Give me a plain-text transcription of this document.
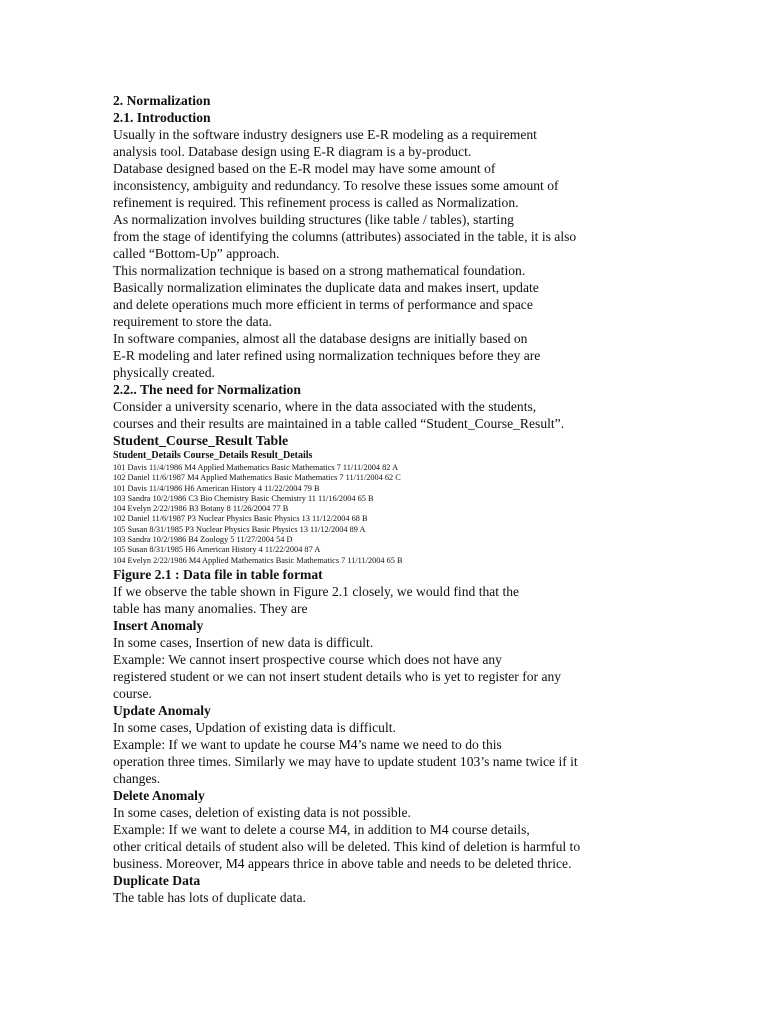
2. Normalization
2.1. Introduction
Usually in the software industry designers use E-R modeling as a requirement
analysis tool. Database design using E-R diagram is a by-product.
Database designed based on the E-R model may have some amount of
inconsistency, ambiguity and redundancy. To resolve these issues some amount of
refinement is required. This refinement process is called as Normalization.
As normalization involves building structures (like table / tables), starting
from the stage of identifying the columns (attributes) associated in the table, it is also
called “Bottom-Up” approach.
This normalization technique is based on a strong mathematical foundation.
Basically normalization eliminates the duplicate data and makes insert, update
and delete operations much more efficient in terms of performance and space
requirement to store the data.
In software companies, almost all the database designs are initially based on
E-R modeling and later refined using normalization techniques before they are
physically created.
2.2.. The need for Normalization
Consider a university scenario, where in the data associated with the students,
courses and their results are maintained in a table called “Student_Course_Result”.
Student_Course_Result Table
Student_Details Course_Details Result_Details
101 Davis 11/4/1986 M4 Applied Mathematics Basic Mathematics 7 11/11/2004 82 A
102 Daniel 11/6/1987 M4 Applied Mathematics Basic Mathematics 7 11/11/2004 62 C
101 Davis 11/4/1986 H6 American History 4 11/22/2004 79 B
103 Sandra 10/2/1986 C3 Bio Chemistry Basic Chemistry 11 11/16/2004 65 B
104 Evelyn 2/22/1986 B3 Botany 8 11/26/2004 77 B
102 Daniel 11/6/1987 P3 Nuclear Physics Basic Physics 13 11/12/2004 68 B
105 Susan 8/31/1985 P3 Nuclear Physics Basic Physics 13 11/12/2004 89 A
103 Sandra 10/2/1986 B4 Zoology 5 11/27/2004 54 D
105 Susan 8/31/1985 H6 American History 4 11/22/2004 87 A
104 Evelyn 2/22/1986 M4 Applied Mathematics Basic Mathematics 7 11/11/2004 65 B
Figure 2.1 : Data file in table format
If we observe the table shown in Figure 2.1 closely, we would find that the
table has many anomalies. They are
Insert Anomaly
In some cases, Insertion of new data is difficult.
Example: We cannot insert prospective course which does not have any
registered student or we can not insert student details who is yet to register for any
course.
Update Anomaly
In some cases, Updation of existing data is difficult.
Example: If we want to update he course M4’s name we need to do this
operation three times. Similarly we may have to update student 103’s name twice if it
changes.
Delete Anomaly
In some cases, deletion of existing data is not possible.
Example: If we want to delete a course M4, in addition to M4 course details,
other critical details of student also will be deleted. This kind of deletion is harmful to
business. Moreover, M4 appears thrice in above table and needs to be deleted thrice.
Duplicate Data
The table has lots of duplicate data.
